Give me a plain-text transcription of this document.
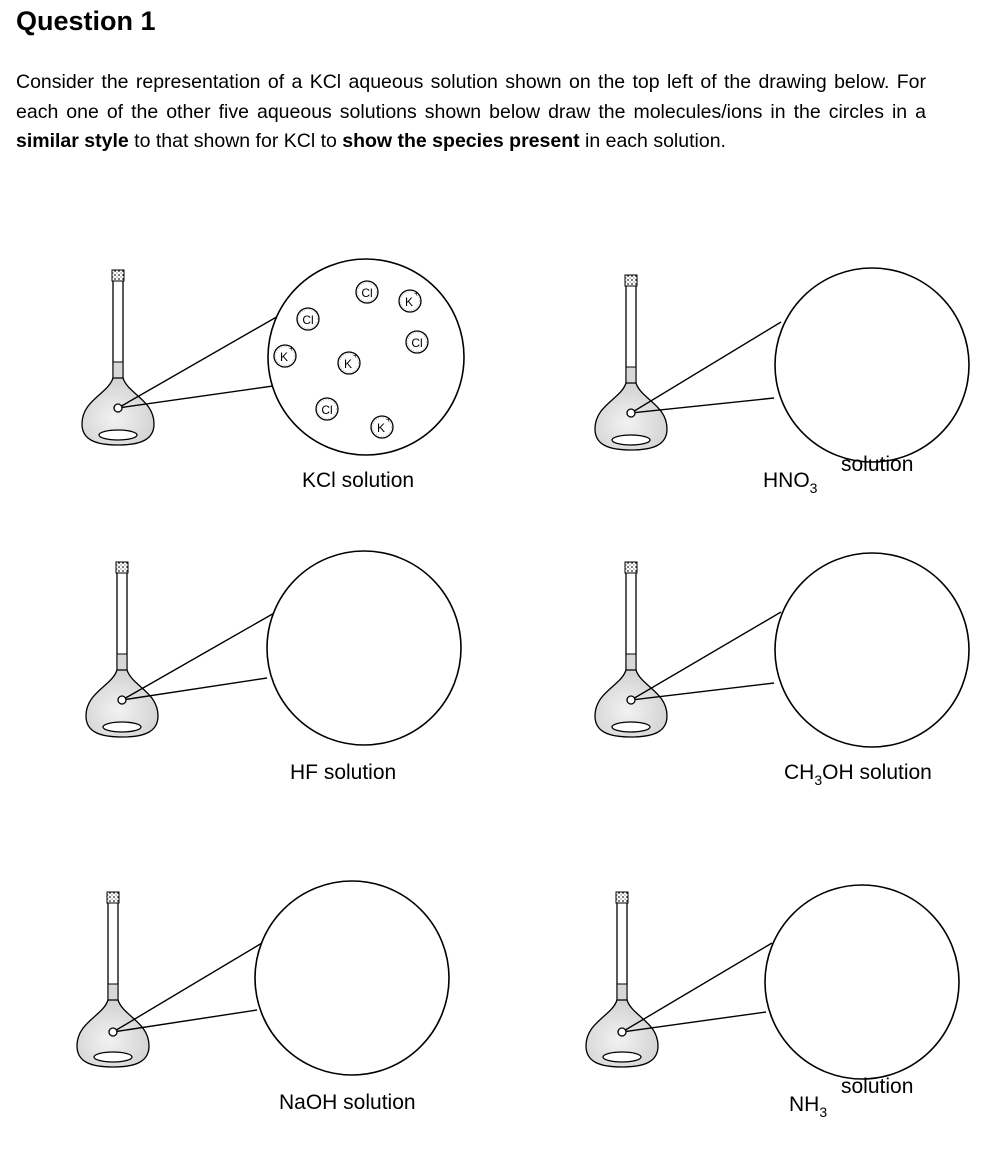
Question 1

Consider the representation of a KCl aqueous solution shown on the top left of the drawing below. For each one of the other five aqueous solutions shown below draw the molecules/ions in the circles in a similar style to that shown for KCl to show the species present in each solution.

Cl
-
K
+
Cl
-
Cl
-
K
+
K
+
Cl
-
K
+
KCl solution	$HNO_3$
solution
HF solution	$CH_3OH$ solution
NaOH solution	$NH_3$
solution
